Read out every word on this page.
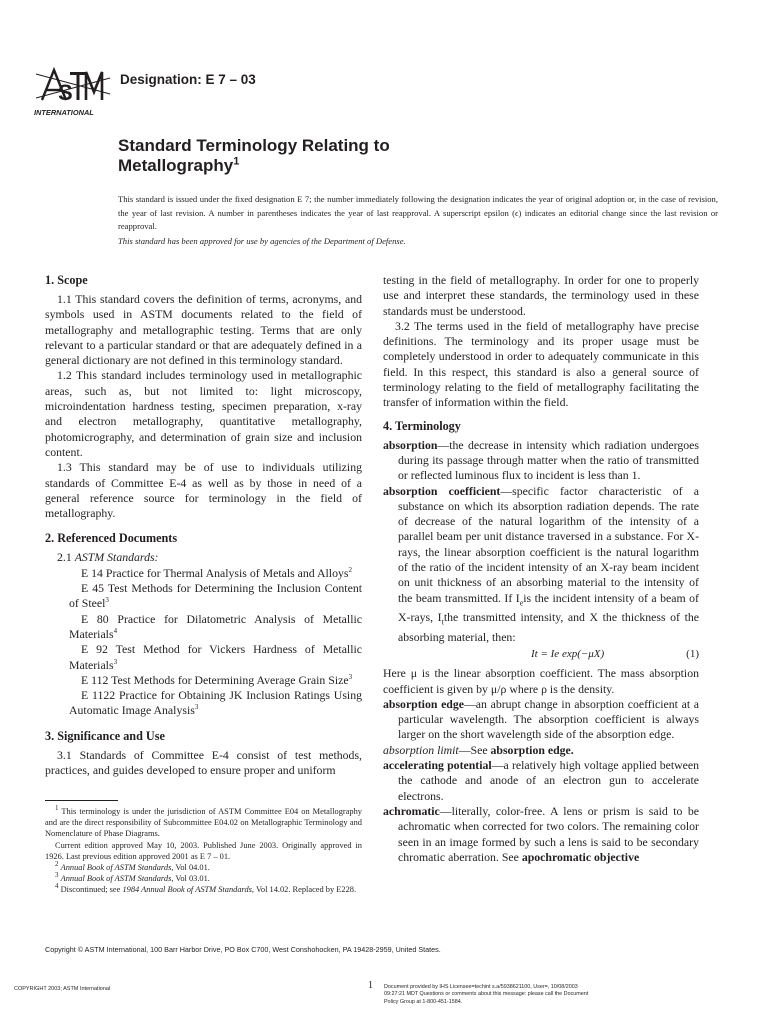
S
INTERNATIONAL
Designation: E 7 – 03
Standard Terminology Relating to
Metallography$^1$
This standard is issued under the fixed designation E 7; the number immediately following the designation indicates the year of original adoption or, in the case of revision, the year of last revision. A number in parentheses indicates the year of last reapproval. A superscript epsilon (ϵ) indicates an editorial change since the last revision or reapproval.
This standard has been approved for use by agencies of the Department of Defense.
1. Scope

1.1 This standard covers the definition of terms, acronyms, and symbols used in ASTM documents related to the field of metallography and metallographic testing. Terms that are only relevant to a particular standard or that are adequately defined in a general dictionary are not defined in this terminology standard.

1.2 This standard includes terminology used in metallographic areas, such as, but not limited to: light microscopy, microindentation hardness testing, specimen preparation, x-ray and electron metallography, quantitative metallography, photomicrography, and determination of grain size and inclusion content.

1.3 This standard may be of use to individuals utilizing standards of Committee E-4 as well as by those in need of a general reference source for terminology in the field of metallography.

2. Referenced Documents

2.1 ASTM Standards:

E 14 Practice for Thermal Analysis of Metals and Alloys$^2$

E 45 Test Methods for Determining the Inclusion Content of Steel$^3$

E 80 Practice for Dilatometric Analysis of Metallic Materials$^4$

E 92 Test Method for Vickers Hardness of Metallic Materials$^3$

E 112 Test Methods for Determining Average Grain Size$^3$

E 1122 Practice for Obtaining JK Inclusion Ratings Using Automatic Image Analysis$^3$

3. Significance and Use

3.1 Standards of Committee E-4 consist of test methods, practices, and guides developed to ensure proper and uniform

testing in the field of metallography. In order for one to properly use and interpret these standards, the terminology used in these standards must be understood.

3.2 The terms used in the field of metallography have precise definitions. The terminology and its proper usage must be completely understood in order to adequately communicate in this field. In this respect, this standard is also a general source of terminology relating to the field of metallography facilitating the transfer of information within the field.

4. Terminology

absorption—the decrease in intensity which radiation undergoes during its passage through matter when the ratio of transmitted or reflected luminous flux to incident is less than 1.

absorption coefficient—specific factor characteristic of a substance on which its absorption radiation depends. The rate of decrease of the natural logarithm of the intensity of a parallel beam per unit distance traversed in a substance. For X-rays, the linear absorption coefficient is the natural logarithm of the ratio of the incident intensity of an X-ray beam incident on unit thickness of an absorbing material to the intensity of the beam transmitted. If $I_eis$ the incident intensity of a beam of X-rays, $I_tthe$ transmitted intensity, and X the thickness of the absorbing material, then:

It = Ie exp(−μX)	(1)

Here μ is the linear absorption coefficient. The mass absorption coefficient is given by μ/ρ where ρ is the density.

absorption edge—an abrupt change in absorption coefficient at a particular wavelength. The absorption coefficient is always larger on the short wavelength side of the absorption edge.

absorption limit—See absorption edge.

accelerating potential—a relatively high voltage applied between the cathode and anode of an electron gun to accelerate electrons.

achromatic—literally, color-free. A lens or prism is said to be achromatic when corrected for two colors. The remaining color seen in an image formed by such a lens is said to be secondary chromatic aberration. See apochromatic objective

$^1$ This terminology is under the jurisdiction of ASTM Committee E04 on Metallography and are the direct responsibility of Subcommittee E04.02 on Metallographic Terminology and Nomenclature of Phase Diagrams.

Current edition approved May 10, 2003. Published June 2003. Originally approved in 1926. Last previous edition approved 2001 as E 7 – 01.

$^2$ Annual Book of ASTM Standards, Vol 04.01.

$^3$ Annual Book of ASTM Standards, Vol 03.01.

$^4$ Discontinued; see 1984 Annual Book of ASTM Standards, Vol 14.02. Replaced by E228.

Copyright © ASTM International, 100 Barr Harbor Drive, PO Box C700, West Conshohocken, PA 19428-2959, United States.
COPYRIGHT 2003; ASTM International	1 Document provided by IHS Licensee=techint s.a/5938621100, User=, 10/08/2003
09:27:21 MDT Questions or comments about this message: please call the Document
Policy Group at 1-800-451-1584.
